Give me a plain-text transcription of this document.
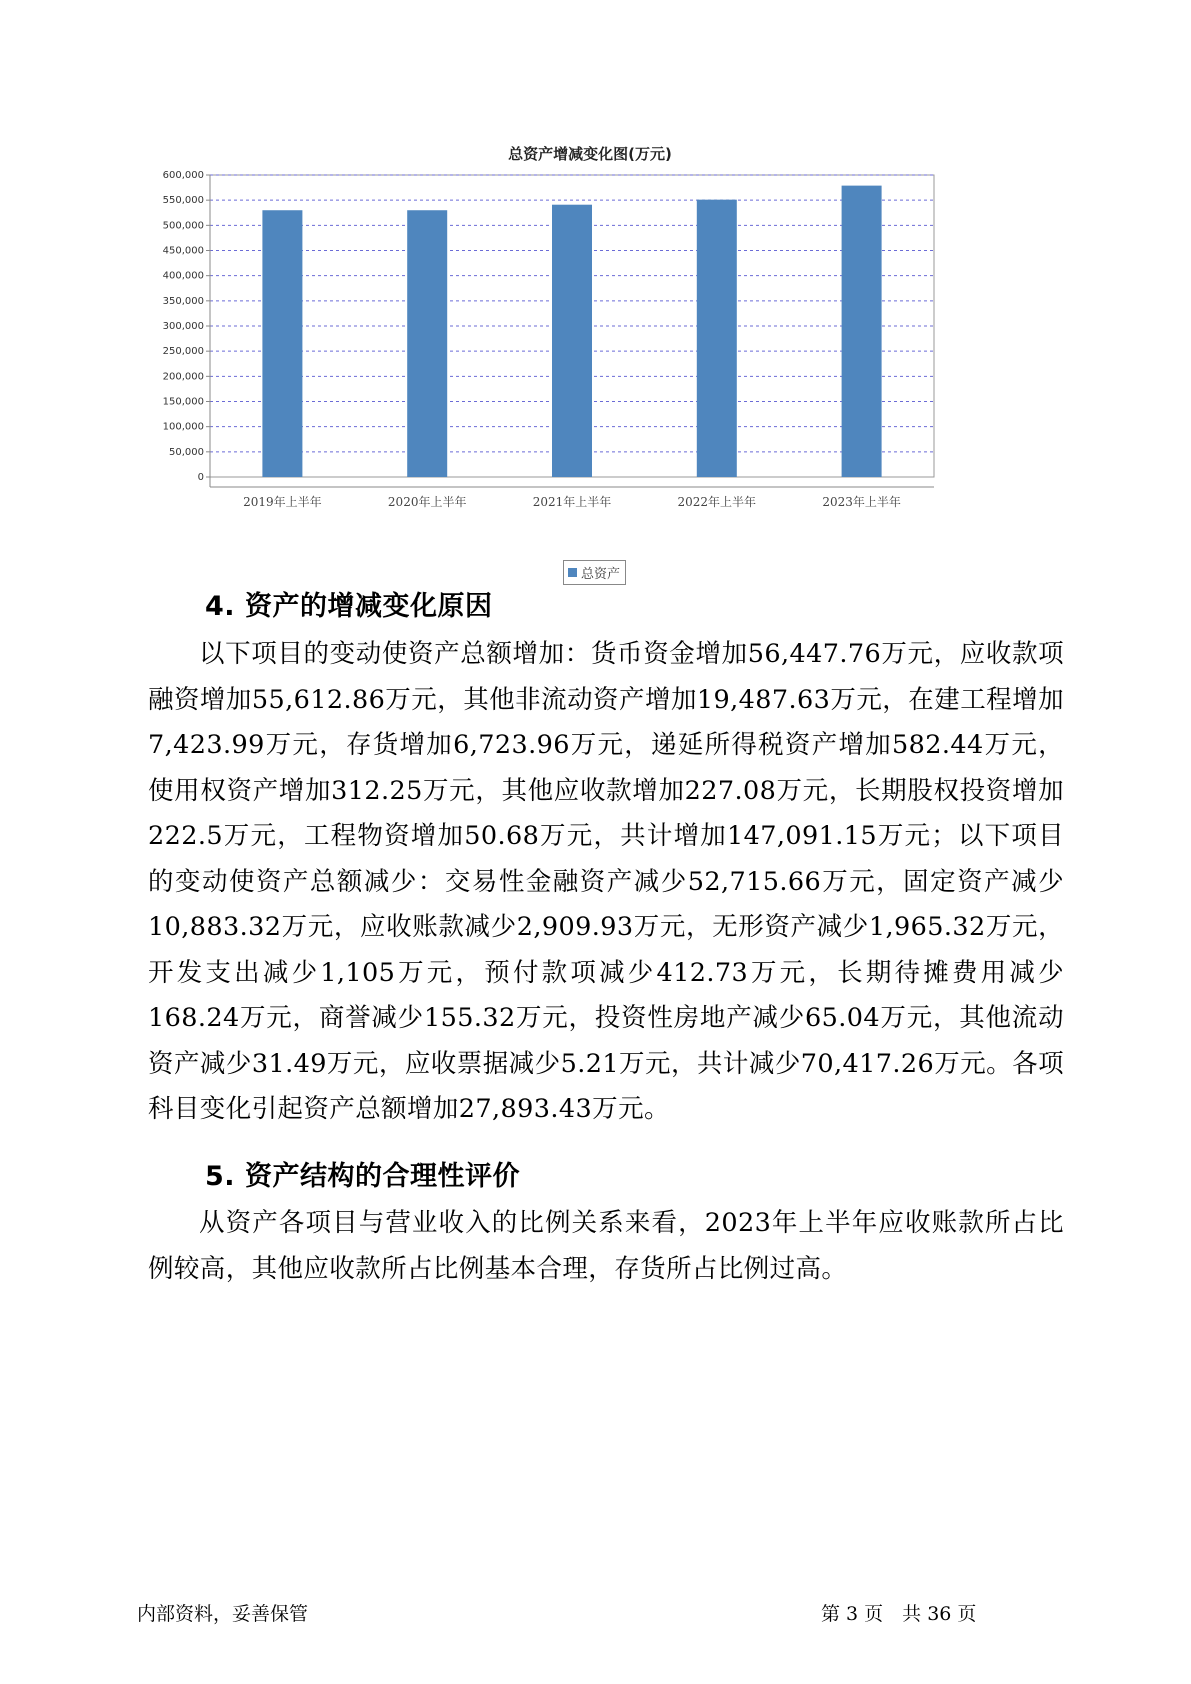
0
50,000
100,000
150,000
200,000
250,000
300,000
350,000
400,000
450,000
500,000
550,000
600,000
2019年上半年	2020年上半年	2021年上半年	2022年上半年	2023年上半年
总资产增减变化图(万元)
总资产
4. 资产的增减变化原因

以下项目的变动使资产总额增加：货币资金增加56,447.76万元，应收款项融资增加55,612.86万元，其他非流动资产增加19,487.63万元，在建工程增加7,423.99万元，存货增加6,723.96万元，递延所得税资产增加582.44万元，使用权资产增加312.25万元，其他应收款增加227.08万元，长期股权投资增加222.5万元，工程物资增加50.68万元，共计增加147,091.15万元；以下项目的变动使资产总额减少：交易性金融资产减少52,715.66万元，固定资产减少10,883.32万元，应收账款减少2,909.93万元，无形资产减少1,965.32万元，开发支出减少1,105万元，预付款项减少412.73万元，长期待摊费用减少168.24万元，商誉减少155.32万元，投资性房地产减少65.04万元，其他流动资产减少31.49万元，应收票据减少5.21万元，共计减少70,417.26万元。各项科目变化引起资产总额增加27,893.43万元。

5. 资产结构的合理性评价

从资产各项目与营业收入的比例关系来看，2023年上半年应收账款所占比例较高，其他应收款所占比例基本合理，存货所占比例过高。

内部资料，妥善保管	第 3 页　共 36 页
